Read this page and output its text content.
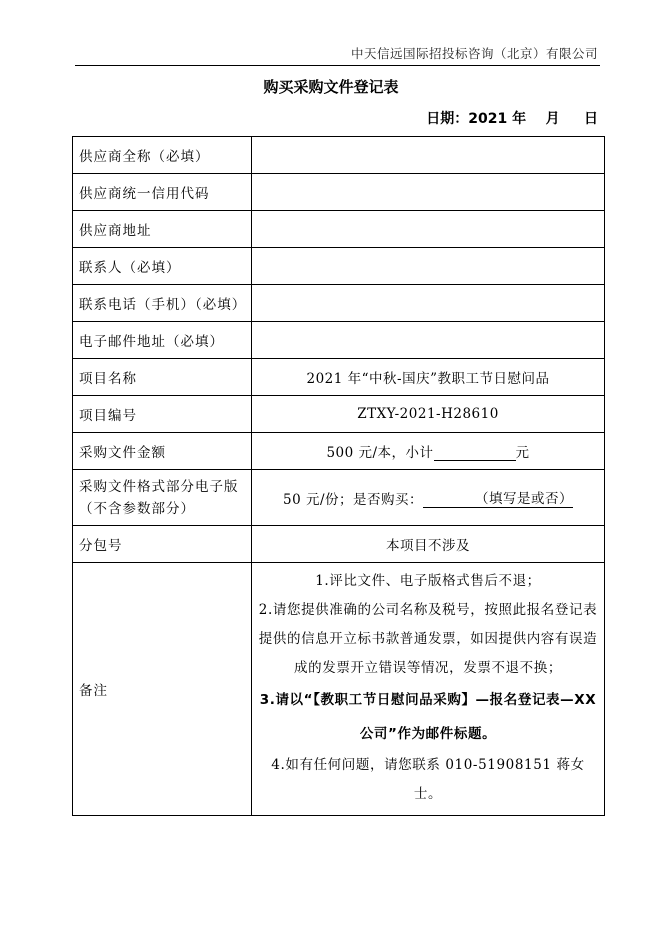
中天信远国际招投标咨询（北京）有限公司
购买采购文件登记表
日期：2021 年    月     日
供应商全称（必填）	
供应商统一信用代码	
供应商地址	
联系人（必填）	
联系电话（手机）（必填）	
电子邮件地址（必填）	
项目名称	2021 年“中秋-国庆”教职工节日慰问品
项目编号	ZTXY-2021-H28610
采购文件金额	500 元/本，小计 元
采购文件格式部分电子版（不含参数部分）	50 元/份；是否购买： （填写是或否）
分包号	本项目不涉及
备注	1.评比文件、电子版格式售后不退；
2.请您提供准确的公司名称及税号，按照此报名登记表提供的信息开立标书款普通发票，如因提供内容有误造成的发票开立错误等情况，发票不退不换；
3.请以“【教职工节日慰问品采购】—报名登记表—XX 公司”作为邮件标题。
4.如有任何问题，请您联系 010-51908151 蒋女士。
